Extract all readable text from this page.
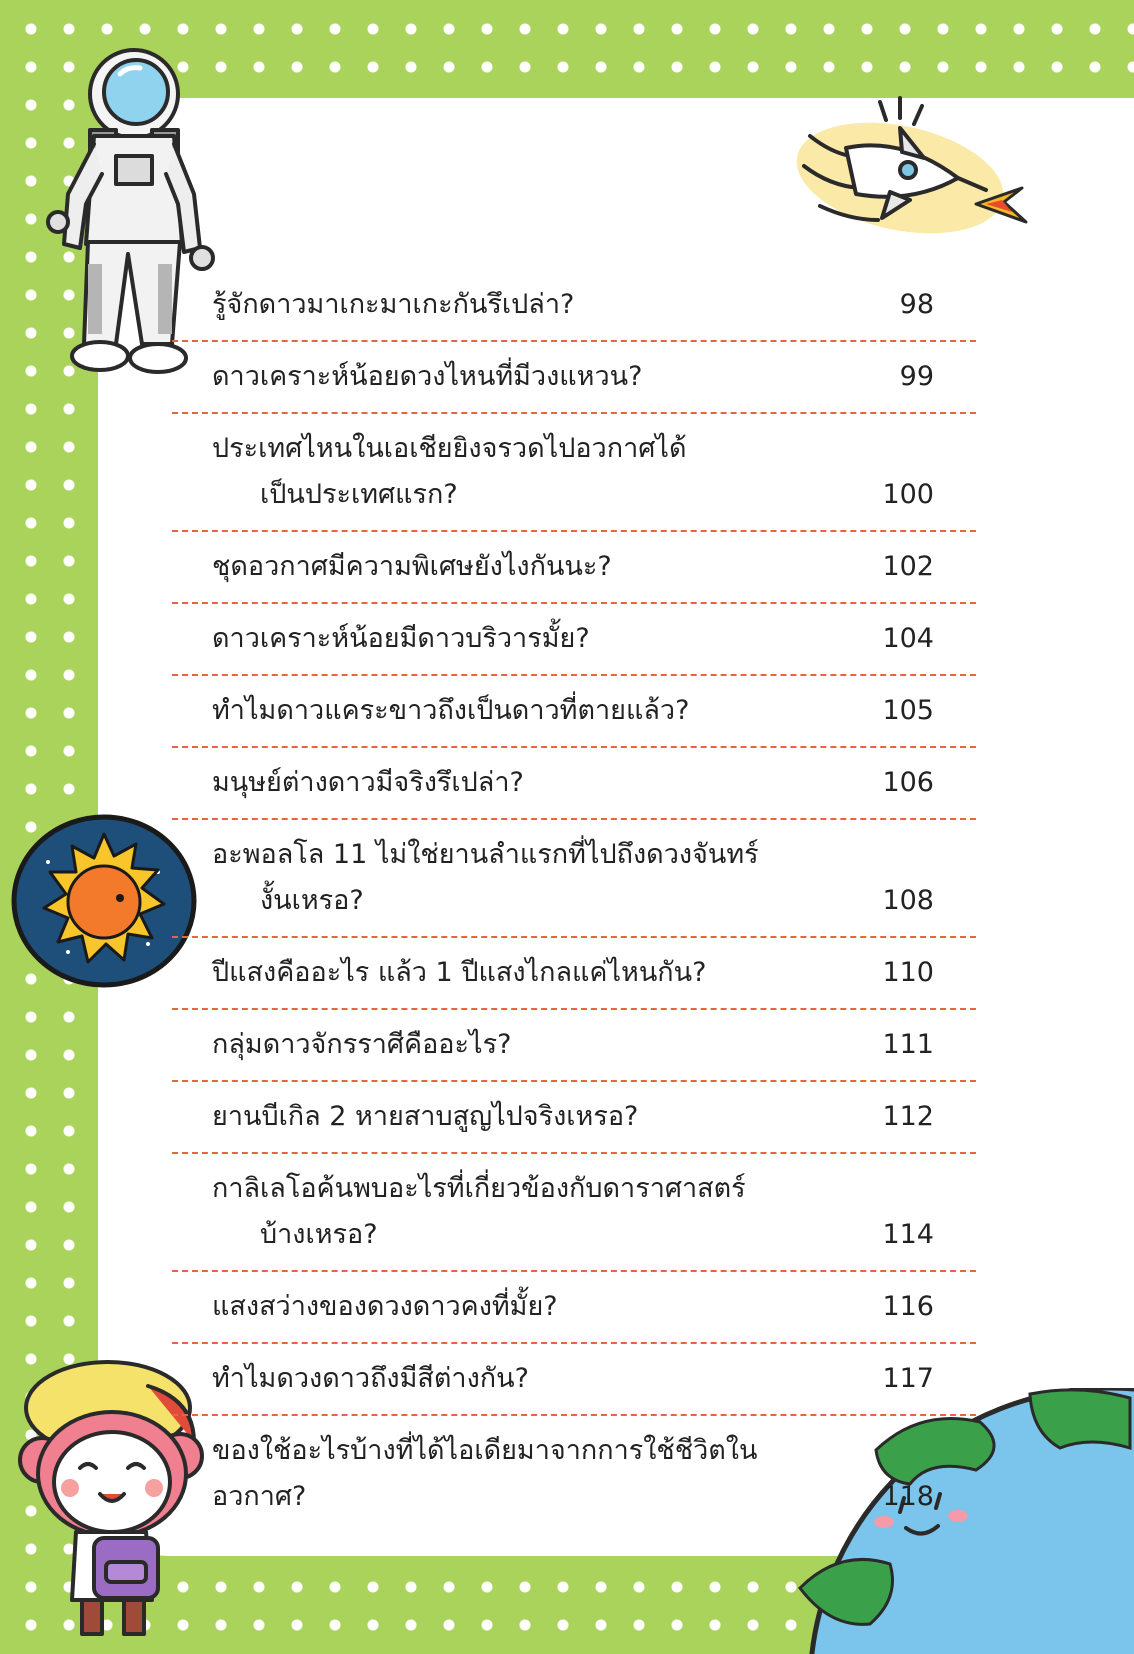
รู้จักดาวมาเกะมาเกะกันรึเปล่า?	98
ดาวเคราะห์น้อยดวงไหนที่มีวงแหวน?	99
ประเทศไหนในเอเชียยิงจรวดไปอวกาศได้
เป็นประเทศแรก?	100
ชุดอวกาศมีความพิเศษยังไงกันนะ?	102
ดาวเคราะห์น้อยมีดาวบริวารมั้ย?	104
ทำไมดาวแคระขาวถึงเป็นดาวที่ตายแล้ว?	105
มนุษย์ต่างดาวมีจริงรึเปล่า?	106
อะพอลโล 11 ไม่ใช่ยานลำแรกที่ไปถึงดวงจันทร์
งั้นเหรอ?	108
ปีแสงคืออะไร แล้ว 1 ปีแสงไกลแค่ไหนกัน?	110
กลุ่มดาวจักรราศีคืออะไร?	111
ยานบีเกิล 2 หายสาบสูญไปจริงเหรอ?	112
กาลิเลโอค้นพบอะไรที่เกี่ยวข้องกับดาราศาสตร์
บ้างเหรอ?	114
แสงสว่างของดวงดาวคงที่มั้ย?	116
ทำไมดวงดาวถึงมีสีต่างกัน?	117
ของใช้อะไรบ้างที่ได้ไอเดียมาจากการใช้ชีวิตในอวกาศ?	118
